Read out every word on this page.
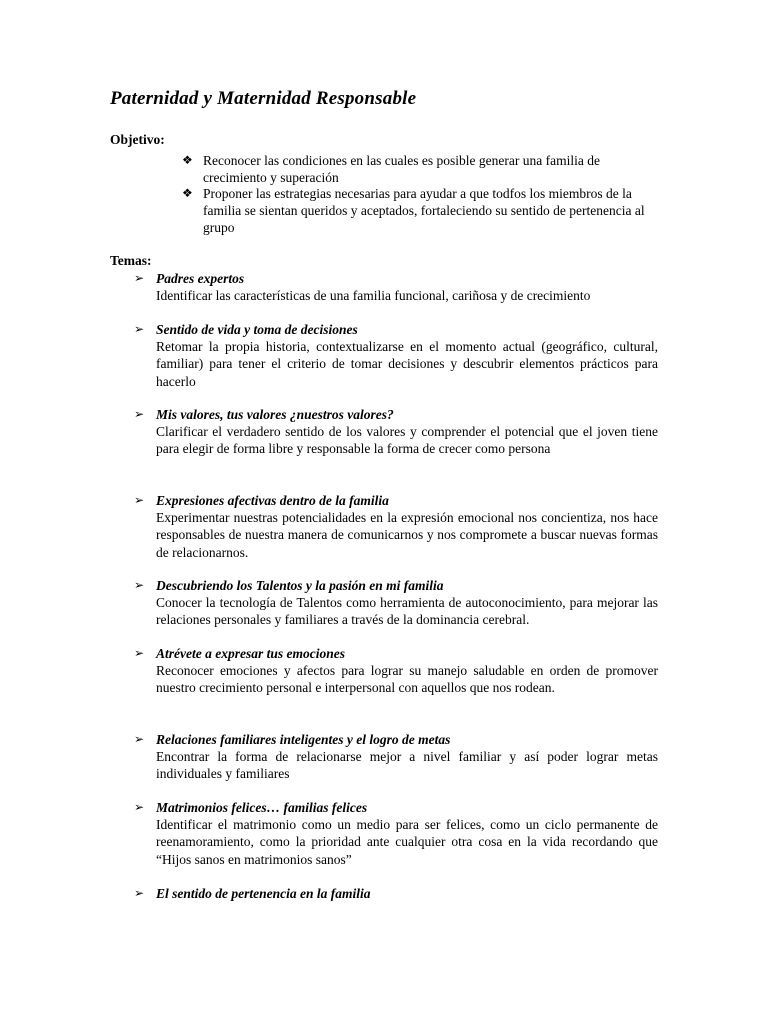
Paternidad y Maternidad Responsable
Objetivo:
❖ Reconocer las condiciones en las cuales es posible generar una familia de crecimiento y superación
❖ Proponer las estrategias necesarias para ayudar a que todfos los miembros de la familia se sientan queridos y aceptados, fortaleciendo su sentido de pertenencia al grupo
Temas:
➢ Padres expertos
Identificar las características de una familia funcional, cariñosa y de crecimiento
➢ Sentido de vida y toma de decisiones
Retomar la propia historia, contextualizarse en el momento actual (geográfico, cultural, familiar) para tener el criterio de tomar decisiones y descubrir elementos prácticos para hacerlo
➢ Mis valores, tus valores ¿nuestros valores?
Clarificar el verdadero sentido de los valores y comprender el potencial que el joven tiene para elegir de forma libre y responsable la forma de crecer como persona
➢ Expresiones afectivas dentro de la familia
Experimentar nuestras potencialidades en la expresión emocional nos concientiza, nos hace responsables de nuestra manera de comunicarnos y nos compromete a buscar nuevas formas de relacionarnos.
➢ Descubriendo los Talentos y la pasión en mi familia
Conocer la tecnología de Talentos como herramienta de autoconocimiento, para mejorar las relaciones personales y familiares a través de la dominancia cerebral.
➢ Atrévete a expresar tus emociones
Reconocer emociones y afectos para lograr su manejo saludable en orden de promover nuestro crecimiento personal e interpersonal con aquellos que nos rodean.
➢ Relaciones familiares inteligentes y el logro de metas
Encontrar la forma de relacionarse mejor a nivel familiar y así poder lograr metas individuales y familiares
➢ Matrimonios felices… familias felices
Identificar el matrimonio como un medio para ser felices, como un ciclo permanente de reenamoramiento, como la prioridad ante cualquier otra cosa en la vida recordando que “Hijos sanos en matrimonios sanos”
➢ El sentido de pertenencia en la familia
